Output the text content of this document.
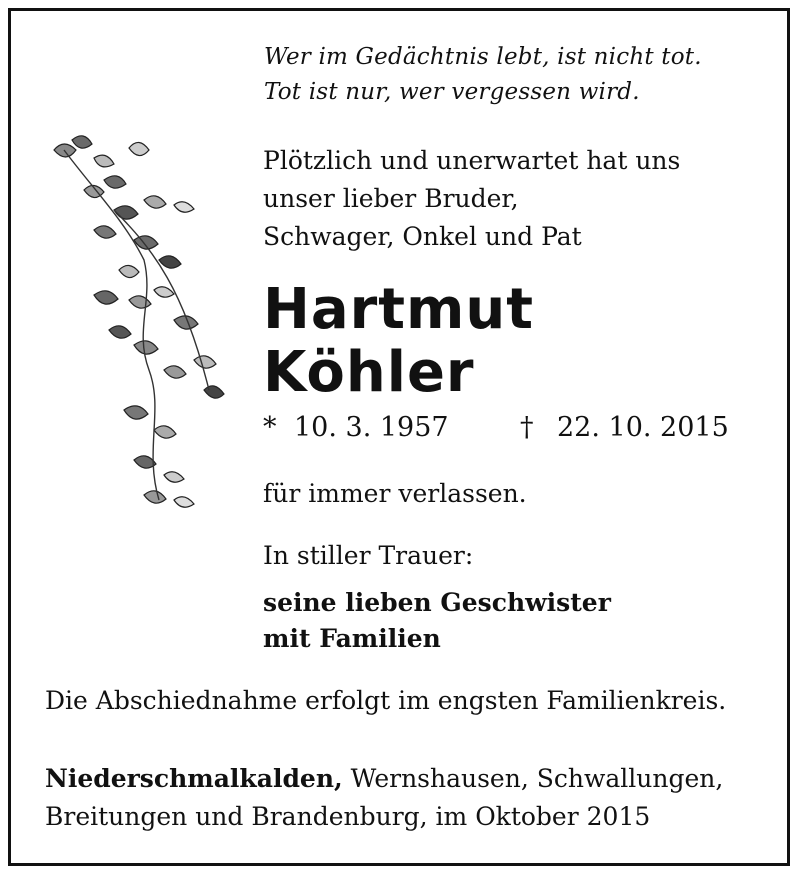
Wer im Gedächtnis lebt, ist nicht tot.
Tot ist nur, wer vergessen wird.
Plötzlich und unerwartet hat uns
unser lieber Bruder,
Schwager, Onkel und Pat
Hartmut
Köhler
* 10. 3. 1957	† 22. 10. 2015
für immer verlassen.
In stiller Trauer:
seine lieben Geschwister
mit Familien
Die Abschiednahme erfolgt im engsten Familienkreis.
Niederschmalkalden, Wernshausen, Schwallungen,
Breitungen und Brandenburg, im Oktober 2015
